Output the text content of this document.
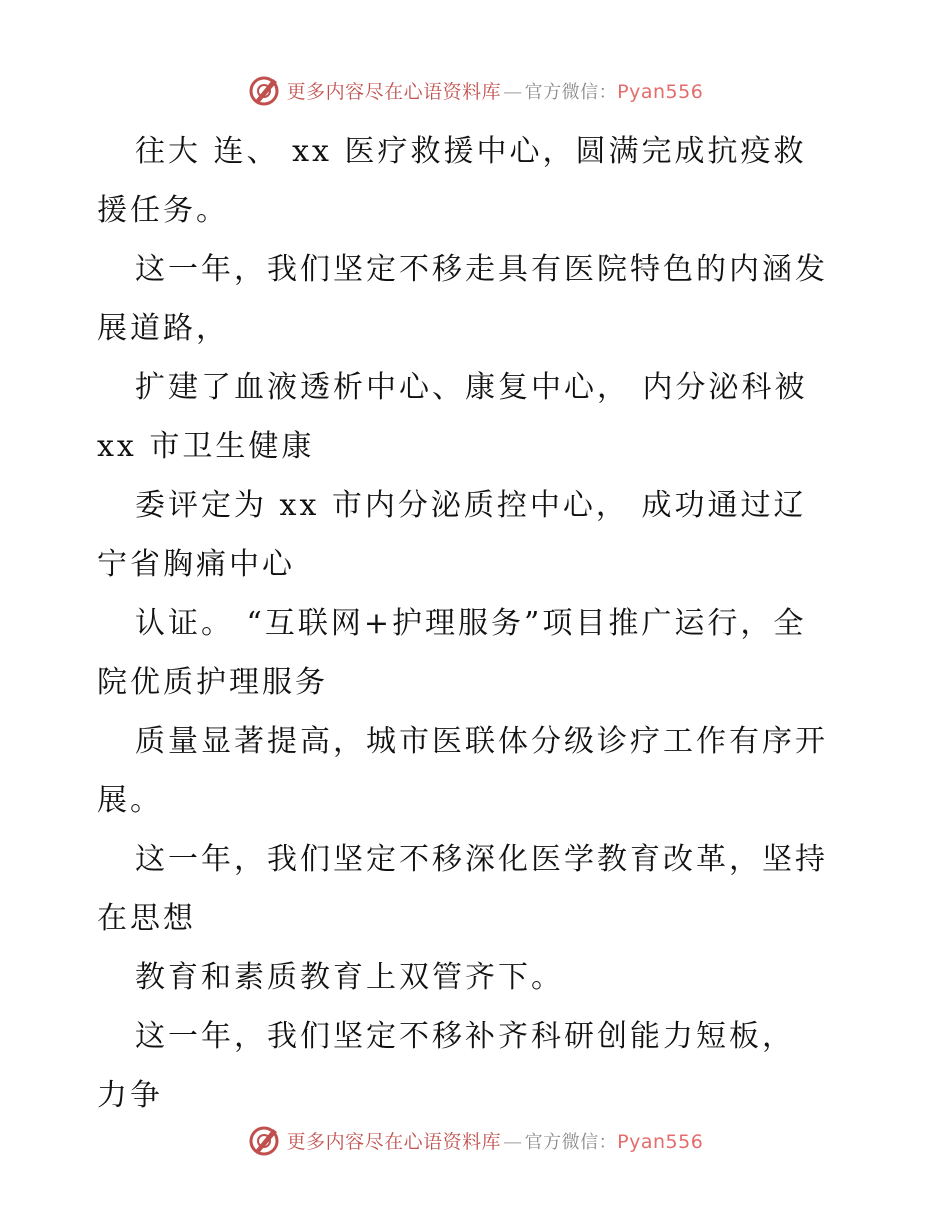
更多内容尽在心语资料库 — 官方微信：Pyan556
往大 连、 xx 医疗救援中心，圆满完成抗疫救
援任务。
这一年，我们坚定不移走具有医院特色的内涵发
展道路，
扩建了血液透析中心、康复中心， 内分泌科被
xx 市卫生健康
委评定为 xx 市内分泌质控中心， 成功通过辽
宁省胸痛中心
认证。 “互联网+护理服务”项目推广运行，全
院优质护理服务
质量显著提高，城市医联体分级诊疗工作有序开
展。
这一年，我们坚定不移深化医学教育改革，坚持
在思想
教育和素质教育上双管齐下。
这一年，我们坚定不移补齐科研创能力短板，
力争
更多内容尽在心语资料库 — 官方微信：Pyan556
